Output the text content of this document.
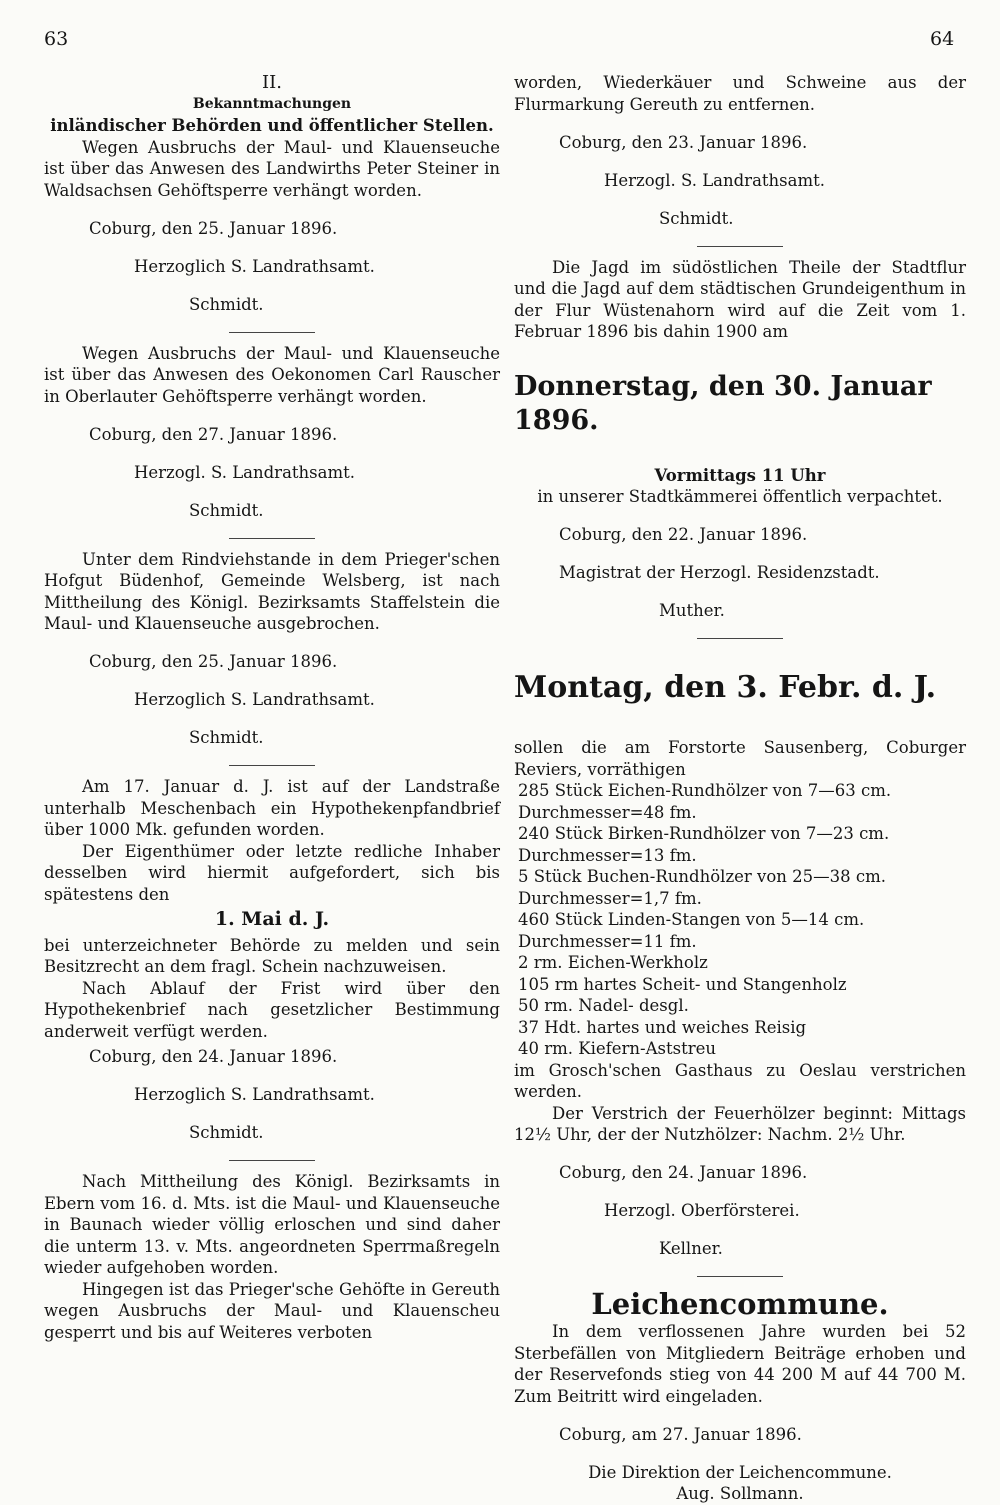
63	64

II.

Bekanntmachungen

inländischer Behörden und öffentlicher Stellen.

Wegen Ausbruchs der Maul- und Klauenseuche ist über das Anwesen des Landwirths Peter Steiner in Waldsachsen Gehöftsperre verhängt worden.

Coburg, den 25. Januar 1896.

Herzoglich S. Landrathsamt.

Schmidt.

Wegen Ausbruchs der Maul- und Klauenseuche ist über das Anwesen des Oekonomen Carl Rauscher in Oberlauter Gehöftsperre verhängt worden.

Coburg, den 27. Januar 1896.

Herzogl. S. Landrathsamt.

Schmidt.

Unter dem Rindviehstande in dem Prieger'schen Hofgut Büdenhof, Gemeinde Welsberg, ist nach Mittheilung des Königl. Bezirksamts Staffelstein die Maul- und Klauenseuche ausgebrochen.

Coburg, den 25. Januar 1896.

Herzoglich S. Landrathsamt.

Schmidt.

Am 17. Januar d. J. ist auf der Landstraße unterhalb Meschenbach ein Hypothekenpfandbrief über 1000 Mk. gefunden worden.

Der Eigenthümer oder letzte redliche Inhaber desselben wird hiermit aufgefordert, sich bis spätestens den

1. Mai d. J.

bei unterzeichneter Behörde zu melden und sein Besitzrecht an dem fragl. Schein nachzuweisen.

Nach Ablauf der Frist wird über den Hypothekenbrief nach gesetzlicher Bestimmung anderweit verfügt werden.

Coburg, den 24. Januar 1896.

Herzoglich S. Landrathsamt.

Schmidt.

Nach Mittheilung des Königl. Bezirksamts in Ebern vom 16. d. Mts. ist die Maul- und Klauenseuche in Baunach wieder völlig erloschen und sind daher die unterm 13. v. Mts. angeordneten Sperrmaßregeln wieder aufgehoben worden.

Hingegen ist das Prieger'sche Gehöfte in Gereuth wegen Ausbruchs der Maul- und Klauenscheu gesperrt und bis auf Weiteres verboten

worden, Wiederkäuer und Schweine aus der Flurmarkung Gereuth zu entfernen.

Coburg, den 23. Januar 1896.

Herzogl. S. Landrathsamt.

Schmidt.

Die Jagd im südöstlichen Theile der Stadtflur und die Jagd auf dem städtischen Grundeigenthum in der Flur Wüstenahorn wird auf die Zeit vom 1. Februar 1896 bis dahin 1900 am

Donnerstag, den 30. Januar 1896.

Vormittags 11 Uhr

in unserer Stadtkämmerei öffentlich verpachtet.

Coburg, den 22. Januar 1896.

Magistrat der Herzogl. Residenzstadt.

Muther.

Montag, den 3. Febr. d. J.

sollen die am Forstorte Sausenberg, Coburger Reviers, vorräthigen

285 Stück Eichen-Rundhölzer von 7—63 cm. Durchmesser=48 fm.

240 Stück Birken-Rundhölzer von 7—23 cm. Durchmesser=13 fm.

5 Stück Buchen-Rundhölzer von 25—38 cm. Durchmesser=1,7 fm.

460 Stück Linden-Stangen von 5—14 cm. Durchmesser=11 fm.

2 rm. Eichen-Werkholz

105 rm hartes Scheit- und Stangenholz

50 rm. Nadel- desgl.

37 Hdt. hartes und weiches Reisig

40 rm. Kiefern-Aststreu

im Grosch'schen Gasthaus zu Oeslau verstrichen werden.

Der Verstrich der Feuerhölzer beginnt: Mittags 12½ Uhr, der der Nutzhölzer: Nachm. 2½ Uhr.

Coburg, den 24. Januar 1896.

Herzogl. Oberförsterei.

Kellner.

Leichencommune.

In dem verflossenen Jahre wurden bei 52 Sterbefällen von Mitgliedern Beiträge erhoben und der Reservefonds stieg von 44 200 M auf 44 700 M. Zum Beitritt wird eingeladen.

Coburg, am 27. Januar 1896.

Die Direktion der Leichencommune.

Aug. Sollmann.
